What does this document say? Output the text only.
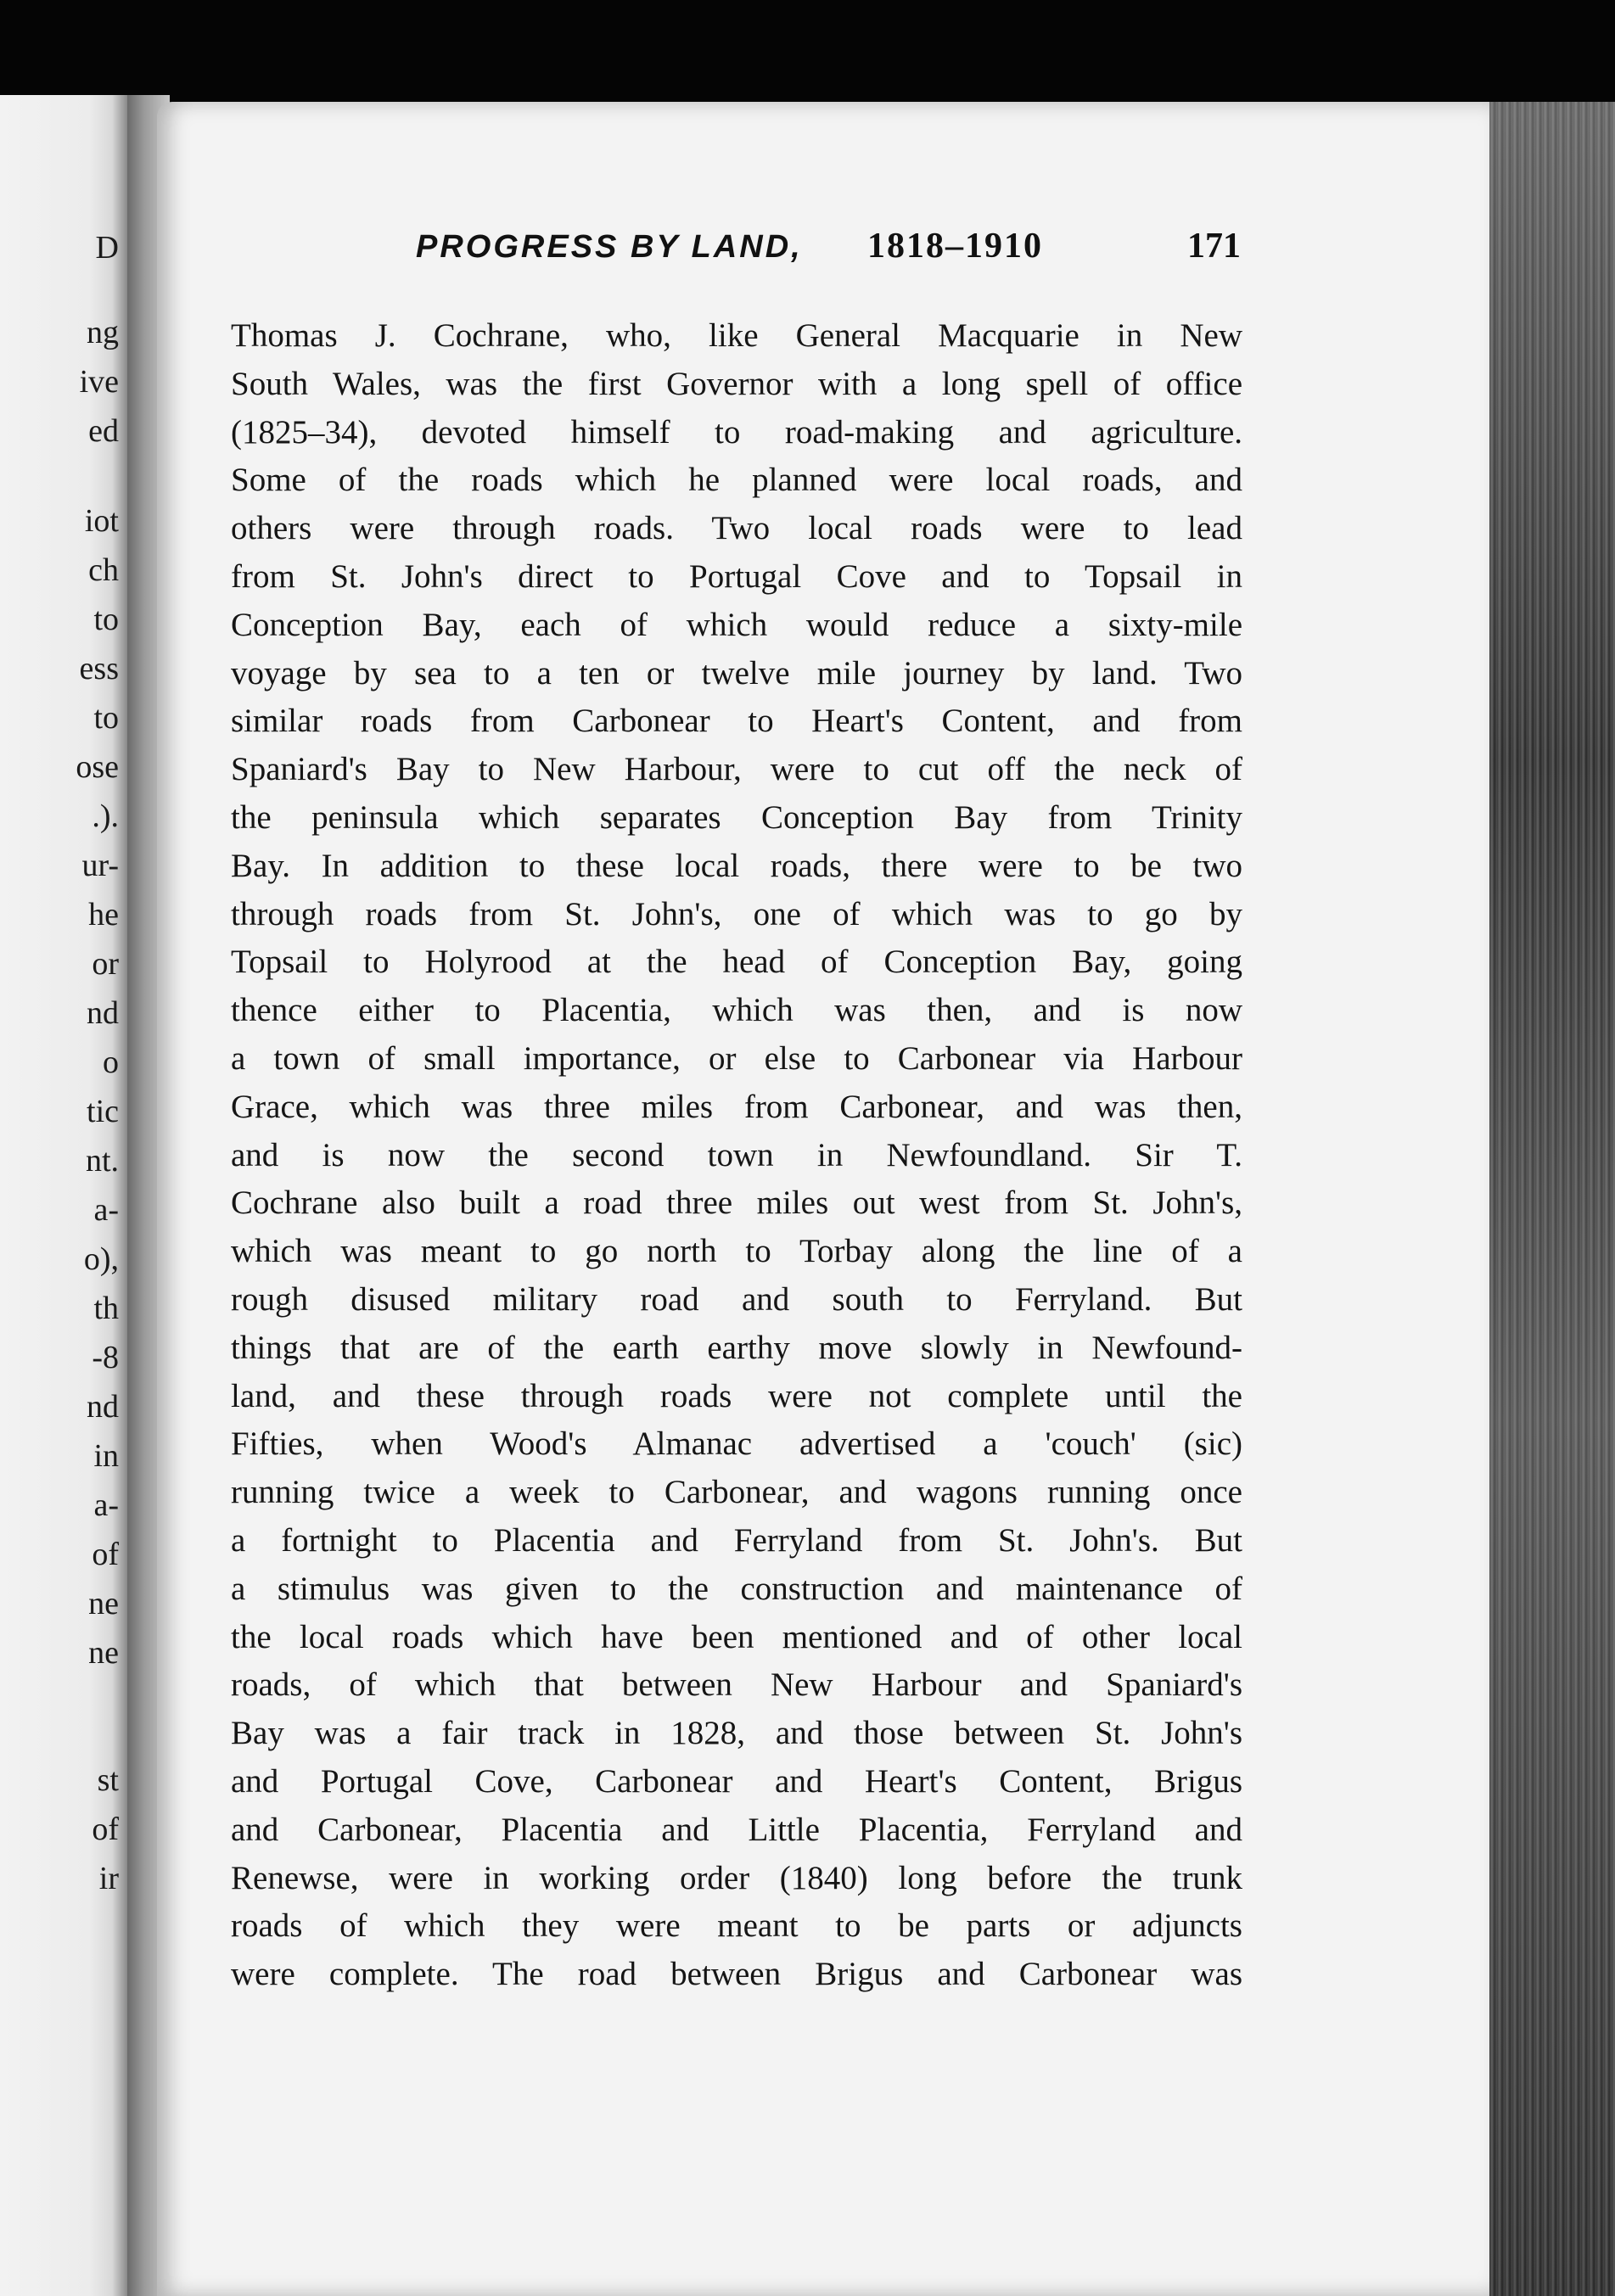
D
ng
ive
ed
iot
ch
to
ess
to
ose
.).
ur-
he
or
nd
o
tic
nt.
a-
o),
th
-8
nd
in
a-
of
ne
ne
st
of
ir
PROGRESS BY LAND, 1818–1910	171
Thomas J. Cochrane, who, like General Macquarie in New
South Wales, was the first Governor with a long spell of office
(1825–34), devoted himself to road-making and agriculture.
Some of the roads which he planned were local roads, and
others were through roads. Two local roads were to lead
from St. John's direct to Portugal Cove and to Topsail in
Conception Bay, each of which would reduce a sixty-mile
voyage by sea to a ten or twelve mile journey by land. Two
similar roads from Carbonear to Heart's Content, and from
Spaniard's Bay to New Harbour, were to cut off the neck of
the peninsula which separates Conception Bay from Trinity
Bay. In addition to these local roads, there were to be two
through roads from St. John's, one of which was to go by
Topsail to Holyrood at the head of Conception Bay, going
thence either to Placentia, which was then, and is now
a town of small importance, or else to Carbonear via Harbour
Grace, which was three miles from Carbonear, and was then,
and is now the second town in Newfoundland. Sir T.
Cochrane also built a road three miles out west from St. John's,
which was meant to go north to Torbay along the line of a
rough disused military road and south to Ferryland. But
things that are of the earth earthy move slowly in Newfound-
land, and these through roads were not complete until the
Fifties, when Wood's Almanac advertised a 'couch' (sic)
running twice a week to Carbonear, and wagons running once
a fortnight to Placentia and Ferryland from St. John's. But
a stimulus was given to the construction and maintenance of
the local roads which have been mentioned and of other local
roads, of which that between New Harbour and Spaniard's
Bay was a fair track in 1828, and those between St. John's
and Portugal Cove, Carbonear and Heart's Content, Brigus
and Carbonear, Placentia and Little Placentia, Ferryland and
Renewse, were in working order (1840) long before the trunk
roads of which they were meant to be parts or adjuncts
were complete. The road between Brigus and Carbonear was
